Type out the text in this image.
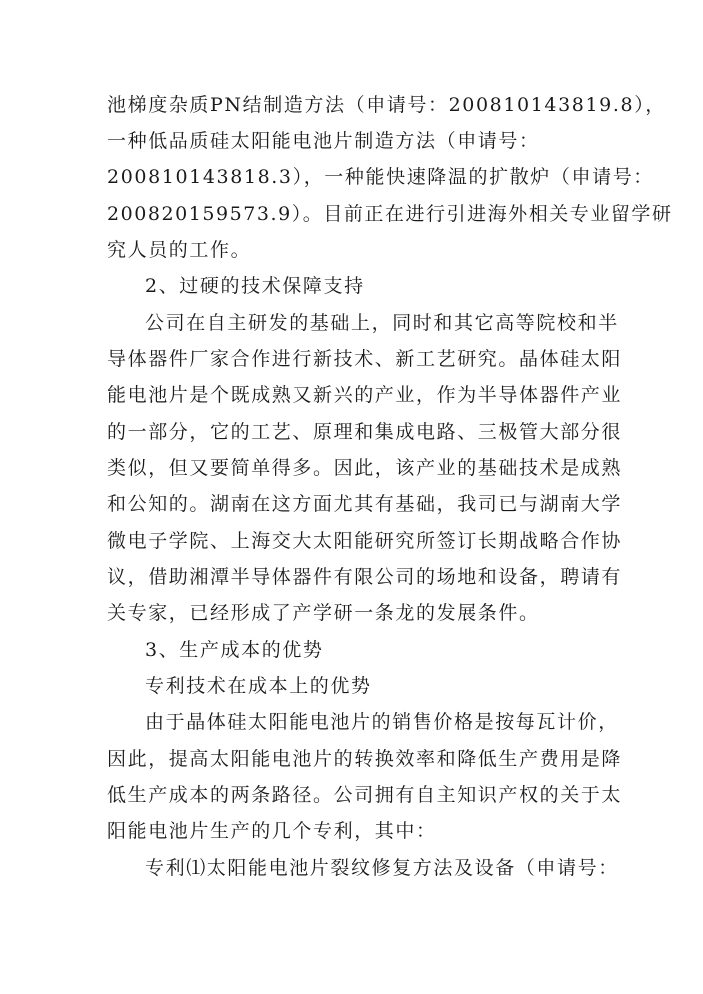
池梯度杂质PN结制造方法（申请号：200810143819.8），
一种低品质硅太阳能电池片制造方法（申请号：
200810143818.3），一种能快速降温的扩散炉（申请号：
200820159573.9）。目前正在进行引进海外相关专业留学研
究人员的工作。
2、过硬的技术保障支持
公司在自主研发的基础上，同时和其它高等院校和半
导体器件厂家合作进行新技术、新工艺研究。晶体硅太阳
能电池片是个既成熟又新兴的产业，作为半导体器件产业
的一部分，它的工艺、原理和集成电路、三极管大部分很
类似，但又要简单得多。因此，该产业的基础技术是成熟
和公知的。湖南在这方面尤其有基础，我司已与湖南大学
微电子学院、上海交大太阳能研究所签订长期战略合作协
议，借助湘潭半导体器件有限公司的场地和设备，聘请有
关专家，已经形成了产学研一条龙的发展条件。
3、生产成本的优势
专利技术在成本上的优势
由于晶体硅太阳能电池片的销售价格是按每瓦计价，
因此，提高太阳能电池片的转换效率和降低生产费用是降
低生产成本的两条路径。公司拥有自主知识产权的关于太
阳能电池片生产的几个专利，其中：
专利⑴太阳能电池片裂纹修复方法及设备（申请号：
